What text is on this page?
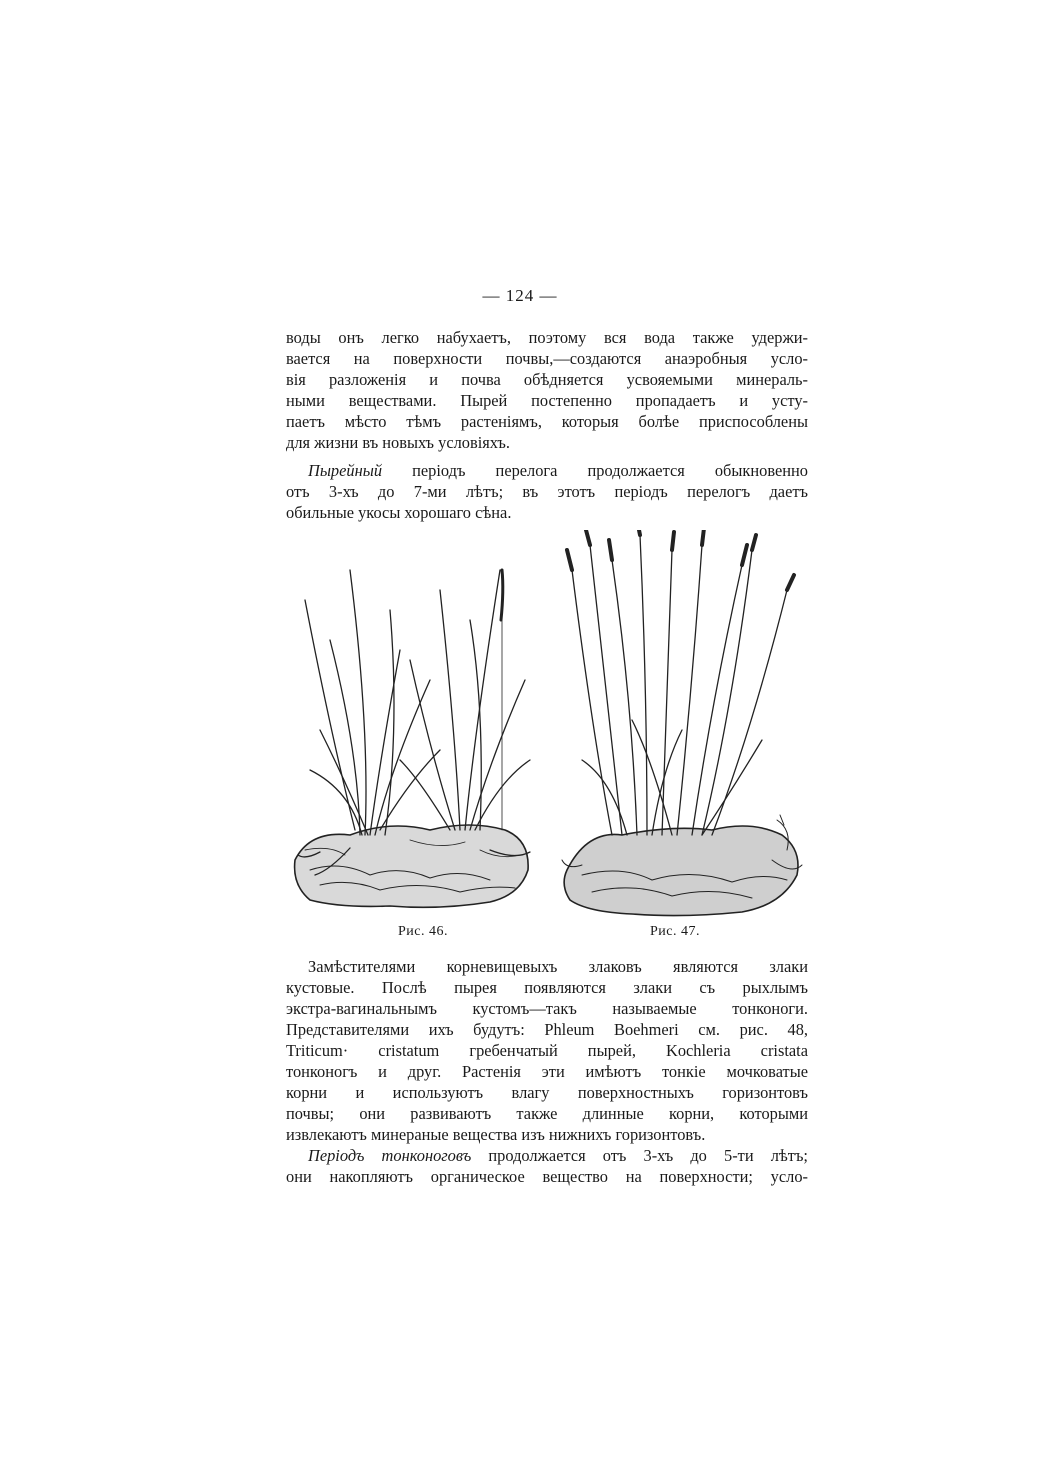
— 124 —
воды онъ легко набухаетъ, поэтому вся вода также удержи-
вается на поверхности почвы,—создаются анаэробныя усло-
вія разложенія и почва обѣдняется усвояемыми минераль-
ными веществами. Пырей постепенно пропадаетъ и усту-
паетъ мѣсто тѣмъ растеніямъ, которыя болѣе приспособлены
для жизни въ новыхъ условіяхъ.
Пырейный періодъ перелога продолжается обыкновенно
отъ 3-хъ до 7-ми лѣтъ; въ этотъ періодъ перелогъ даетъ
обильные укосы хорошаго сѣна.
Рис. 46.	Рис. 47.
Замѣстителями корневищевыхъ злаковъ являются злаки
кустовые. Послѣ пырея появляются злаки съ рыхлымъ
экстра-вагинальнымъ кустомъ—такъ называемые тонконоги.
Представителями ихъ будутъ: Phleum Boehmeri см. рис. 48,
Triticum· cristatum гребенчатый пырей, Kochleria cristata
тонконогъ и друг. Растенія эти имѣютъ тонкіе мочковатые
корни и используютъ влагу поверхностныхъ горизонтовъ
почвы; они развиваютъ также длинные корни, которыми
извлекаютъ минераные вещества изъ нижнихъ горизонтовъ.
Періодъ тонконоговъ продолжается отъ 3-хъ до 5-ти лѣтъ;
они накопляютъ органическое вещество на поверхности; усло-
